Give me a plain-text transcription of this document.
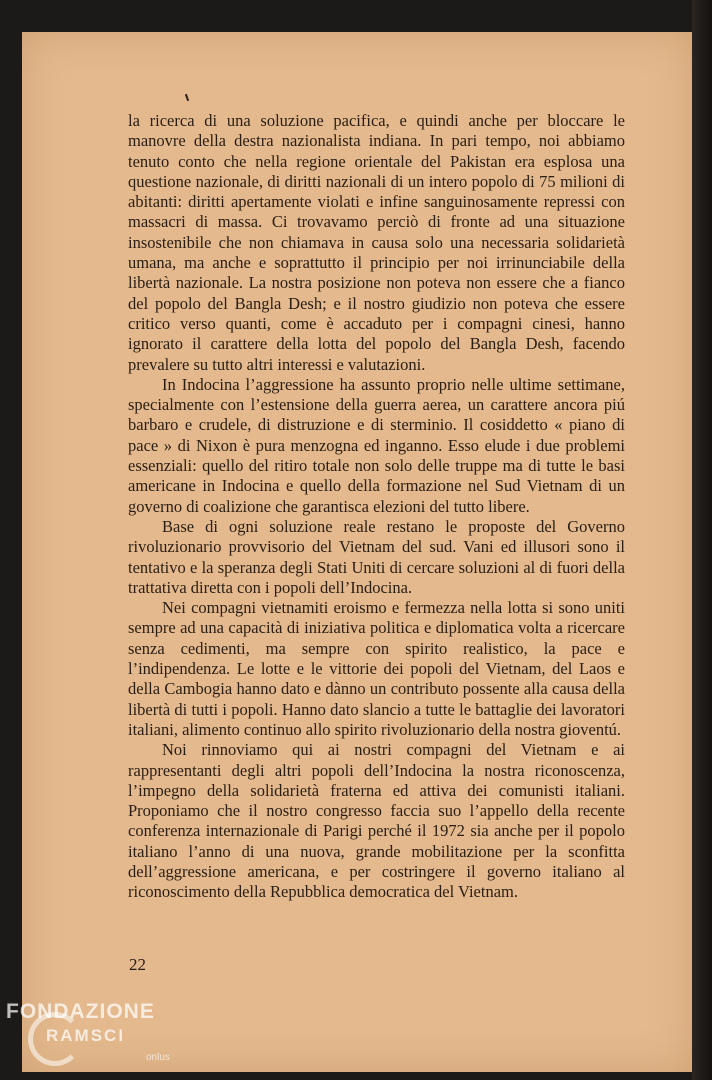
la ricerca di una soluzione pacifica, e quindi anche per bloccare le manovre della destra nazionalista indiana. In pari tempo, noi abbiamo tenuto conto che nella regione orientale del Pakistan era esplosa una questione nazionale, di diritti nazionali di un intero popolo di 75 milioni di abitanti: diritti apertamente violati e infine sanguinosamente repressi con massacri di massa. Ci trovavamo perciò di fronte ad una situazione insostenibile che non chiamava in causa solo una necessaria solidarietà umana, ma anche e soprattutto il principio per noi irrinunciabile della libertà nazionale. La nostra posizione non poteva non essere che a fianco del popolo del Bangla Desh; e il nostro giudizio non poteva che essere critico verso quanti, come è accaduto per i compagni cinesi, hanno ignorato il carattere della lotta del popolo del Bangla Desh, facendo prevalere su tutto altri interessi e valutazioni.

In Indocina l’aggressione ha assunto proprio nelle ultime settimane, specialmente con l’estensione della guerra aerea, un carattere ancora piú barbaro e crudele, di distruzione e di sterminio. Il cosiddetto « piano di pace » di Nixon è pura menzogna ed inganno. Esso elude i due problemi essenziali: quello del ritiro totale non solo delle truppe ma di tutte le basi americane in Indocina e quello della formazione nel Sud Vietnam di un governo di coalizione che garantisca elezioni del tutto libere.

Base di ogni soluzione reale restano le proposte del Governo rivoluzionario provvisorio del Vietnam del sud. Vani ed illusori sono il tentativo e la speranza degli Stati Uniti di cercare soluzioni al di fuori della trattativa diretta con i popoli dell’Indocina.

Nei compagni vietnamiti eroismo e fermezza nella lotta si sono uniti sempre ad una capacità di iniziativa politica e diplomatica volta a ricercare senza cedimenti, ma sempre con spirito realistico, la pace e l’indipendenza. Le lotte e le vittorie dei popoli del Vietnam, del Laos e della Cambogia hanno dato e dànno un contributo possente alla causa della libertà di tutti i popoli. Hanno dato slancio a tutte le battaglie dei lavoratori italiani, alimento continuo allo spirito rivoluzionario della nostra gioventú.

Noi rinnoviamo qui ai nostri compagni del Vietnam e ai rappresentanti degli altri popoli dell’Indocina la nostra riconoscenza, l’impegno della solidarietà fraterna ed attiva dei comunisti italiani. Proponiamo che il nostro congresso faccia suo l’appello della recente conferenza internazionale di Parigi perché il 1972 sia anche per il popolo italiano l’anno di una nuova, grande mobilitazione per la sconfitta dell’aggressione americana, e per costringere il governo italiano al riconoscimento della Repubblica democratica del Vietnam.

22
FONDAZIONE
RAMSCI
onlus
